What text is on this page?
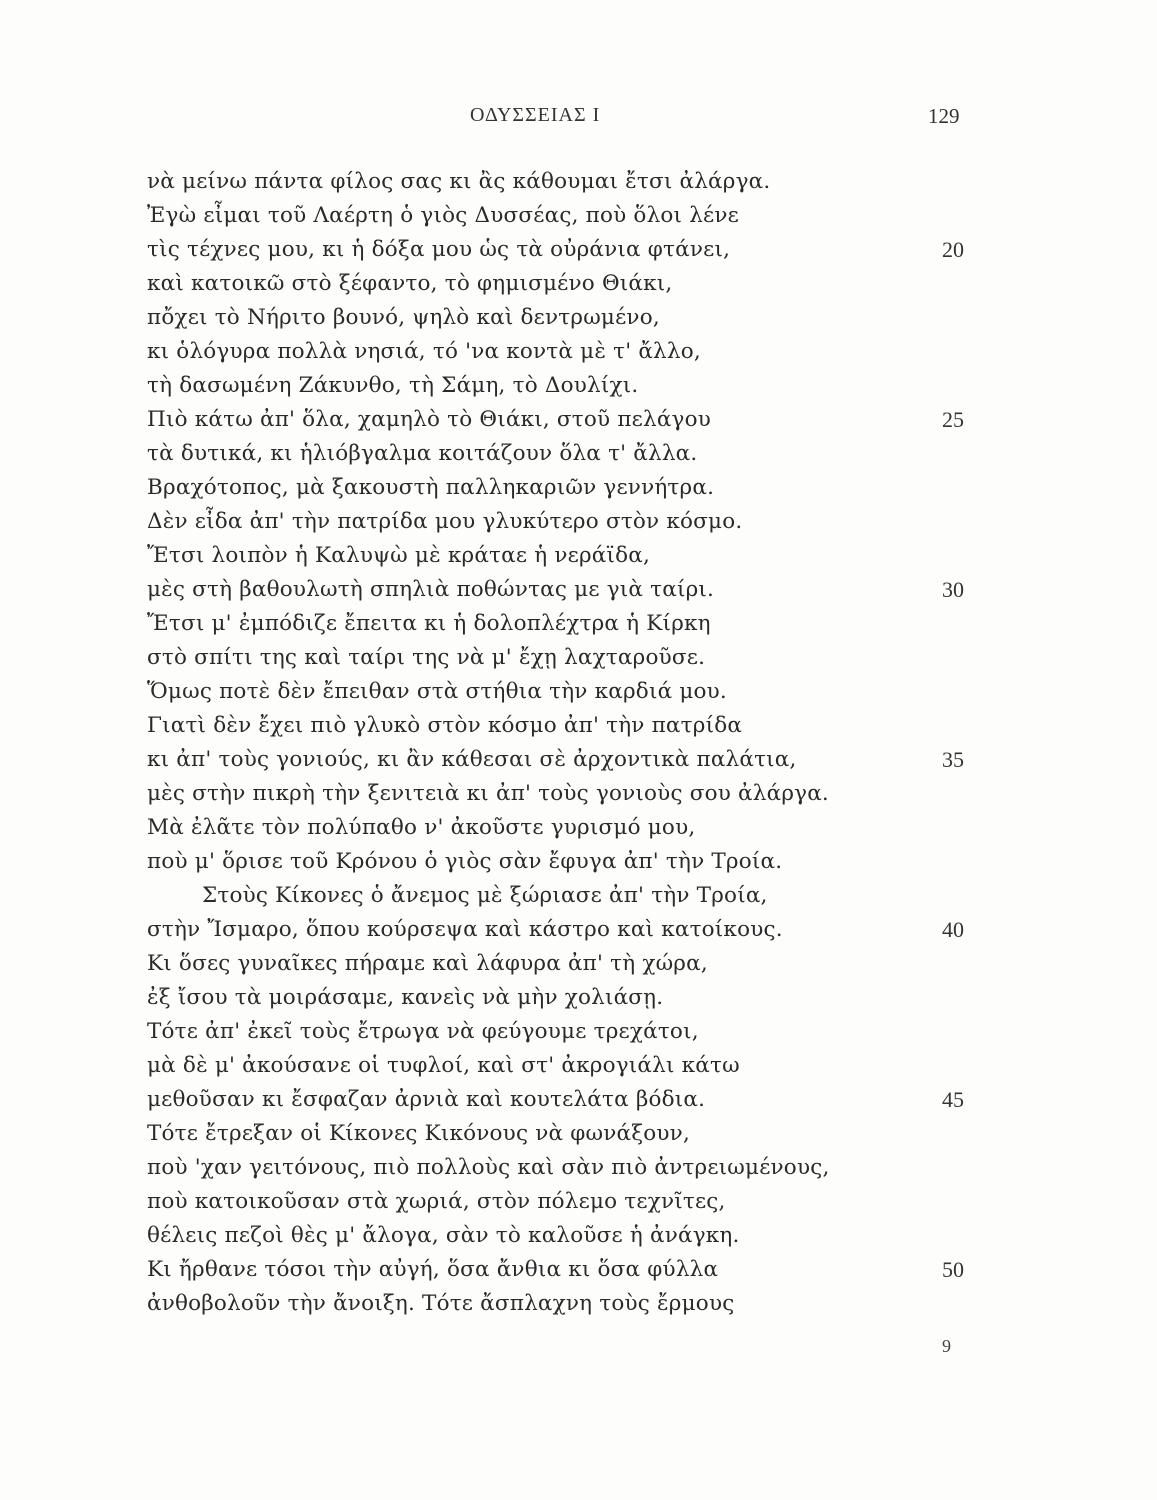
ΟΔΥΣΣΕΙΑΣ Ι	129
νὰ μείνω πάντα φίλος σας κι ἂς κάθουμαι ἔτσι ἀλάργα.
Ἐγὼ εἶμαι τοῦ Λαέρτη ὁ γιὸς Δυσσέας, ποὺ ὅλοι λένε
τὶς τέχνες μου, κι ἡ δόξα μου ὡς τὰ οὐράνια φτάνει,	20
καὶ κατοικῶ στὸ ξέφαντο, τὸ φημισμένο Θιάκι,
πὄχει τὸ Νήριτο βουνό, ψηλὸ καὶ δεντρωμένο,
κι ὁλόγυρα πολλὰ νησιά, τό 'να κοντὰ μὲ τ' ἄλλο,
τὴ δασωμένη Ζάκυνθο, τὴ Σάμη, τὸ Δουλίχι.
Πιὸ κάτω ἀπ' ὅλα, χαμηλὸ τὸ Θιάκι, στοῦ πελάγου	25
τὰ δυτικά, κι ἡλιόβγαλμα κοιτάζουν ὅλα τ' ἄλλα.
Βραχότοπος, μὰ ξακουστὴ παλληκαριῶν γεννήτρα.
Δὲν εἶδα ἀπ' τὴν πατρίδα μου γλυκύτερο στὸν κόσμο.
Ἔτσι λοιπὸν ἡ Καλυψὼ μὲ κράταε ἡ νεράϊδα,
μὲς στὴ βαθουλωτὴ σπηλιὰ ποθώντας με γιὰ ταίρι.	30
Ἔτσι μ' ἐμπόδιζε ἔπειτα κι ἡ δολοπλέχτρα ἡ Κίρκη
στὸ σπίτι της καὶ ταίρι της νὰ μ' ἔχῃ λαχταροῦσε.
Ὅμως ποτὲ δὲν ἔπειθαν στὰ στήθια τὴν καρδιά μου.
Γιατὶ δὲν ἔχει πιὸ γλυκὸ στὸν κόσμο ἀπ' τὴν πατρίδα
κι ἀπ' τοὺς γονιούς, κι ἂν κάθεσαι σὲ ἀρχοντικὰ παλάτια,	35
μὲς στὴν πικρὴ τὴν ξενιτειὰ κι ἀπ' τοὺς γονιοὺς σου ἀλάργα.
Μὰ ἐλᾶτε τὸν πολύπαθο ν' ἀκοῦστε γυρισμό μου,
ποὺ μ' ὅρισε τοῦ Κρόνου ὁ γιὸς σὰν ἔφυγα ἀπ' τὴν Τροία.
Στοὺς Κίκονες ὁ ἄνεμος μὲ ξώριασε ἀπ' τὴν Τροία,
στὴν Ἴσμαρο, ὅπου κούρσεψα καὶ κάστρο καὶ κατοίκους.	40
Κι ὅσες γυναῖκες πήραμε καὶ λάφυρα ἀπ' τὴ χώρα,
ἐξ ἴσου τὰ μοιράσαμε, κανεὶς νὰ μὴν χολιάσῃ.
Τότε ἀπ' ἐκεῖ τοὺς ἔτρωγα νὰ φεύγουμε τρεχάτοι,
μὰ δὲ μ' ἀκούσανε οἱ τυφλοί, καὶ στ' ἀκρογιάλι κάτω
μεθοῦσαν κι ἔσφαζαν ἀρνιὰ καὶ κουτελάτα βόδια.	45
Τότε ἔτρεξαν οἱ Κίκονες Κικόνους νὰ φωνάξουν,
ποὺ 'χαν γειτόνους, πιὸ πολλοὺς καὶ σὰν πιὸ ἀντρειωμένους,
ποὺ κατοικοῦσαν στὰ χωριά, στὸν πόλεμο τεχνῖτες,
θέλεις πεζοὶ θὲς μ' ἄλογα, σὰν τὸ καλοῦσε ἡ ἀνάγκη.
Κι ἤρθανε τόσοι τὴν αὐγή, ὅσα ἄνθια κι ὅσα φύλλα	50
ἀνθοβολοῦν τὴν ἄνοιξη. Τότε ἄσπλαχνη τοὺς ἔρμους
9
